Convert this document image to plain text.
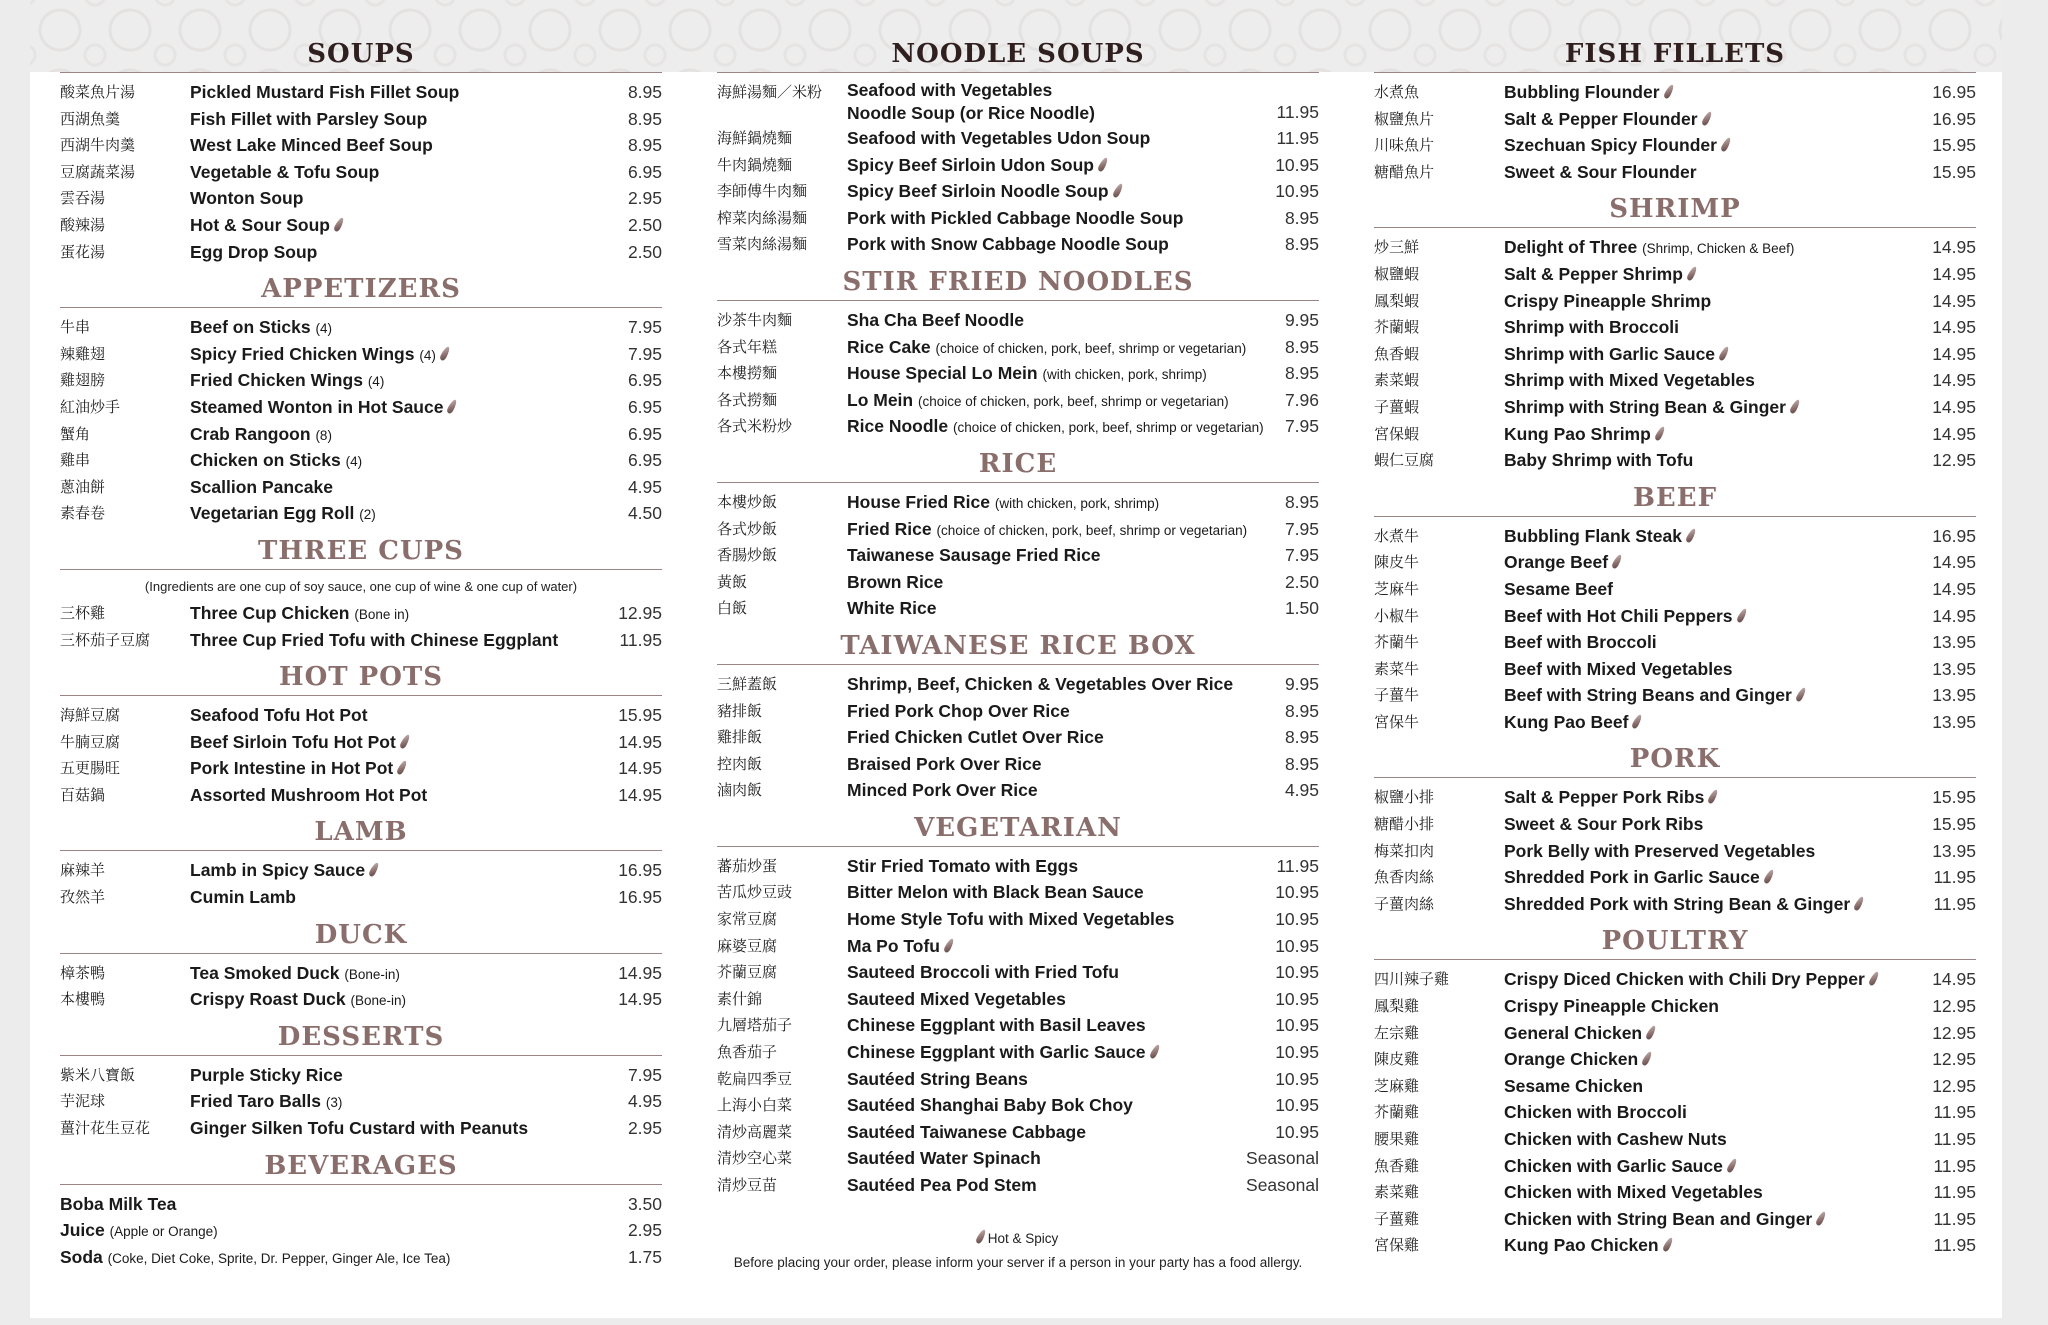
SOUPS
酸菜魚片湯	Pickled Mustard Fish Fillet Soup	8.95
西湖魚羹	Fish Fillet with Parsley Soup	8.95
西湖牛肉羹	West Lake Minced Beef Soup	8.95
豆腐蔬菜湯	Vegetable & Tofu Soup	6.95
雲吞湯	Wonton Soup	2.95
酸辣湯	Hot & Sour Soup	2.50
蛋花湯	Egg Drop Soup	2.50
APPETIZERS
牛串	Beef on Sticks (4)	7.95
辣雞翅	Spicy Fried Chicken Wings (4)	7.95
雞翅膀	Fried Chicken Wings (4)	6.95
紅油炒手	Steamed Wonton in Hot Sauce	6.95
蟹角	Crab Rangoon (8)	6.95
雞串	Chicken on Sticks (4)	6.95
蔥油餅	Scallion Pancake	4.95
素春卷	Vegetarian Egg Roll (2)	4.50
THREE CUPS
(Ingredients are one cup of soy sauce, one cup of wine & one cup of water)
三杯雞	Three Cup Chicken (Bone in)	12.95
三杯茄子豆腐 Three Cup Fried Tofu with Chinese Eggplant	11.95
HOT POTS
海鮮豆腐	Seafood Tofu Hot Pot	15.95
牛腩豆腐	Beef Sirloin Tofu Hot Pot	14.95
五更腸旺	Pork Intestine in Hot Pot	14.95
百菇鍋	Assorted Mushroom Hot Pot	14.95
LAMB
麻辣羊	Lamb in Spicy Sauce	16.95
孜然羊	Cumin Lamb	16.95
DUCK
樟茶鴨	Tea Smoked Duck (Bone-in)	14.95
本樓鴨	Crispy Roast Duck (Bone-in)	14.95
DESSERTS
紫米八寶飯	Purple Sticky Rice	7.95
芋泥球	Fried Taro Balls (3)	4.95
薑汁花生豆花 Ginger Silken Tofu Custard with Peanuts	2.95
BEVERAGES
Boba Milk Tea	3.50
Juice (Apple or Orange)	2.95
Soda (Coke, Diet Coke, Sprite, Dr. Pepper, Ginger Ale, Ice Tea)	1.75
NOODLE SOUPS
海鮮湯麵／米粉 Seafood with Vegetables
Noodle Soup (or Rice Noodle)	11.95
海鮮鍋燒麵	Seafood with Vegetables Udon Soup	11.95
牛肉鍋燒麵	Spicy Beef Sirloin Udon Soup	10.95
李師傅牛肉麵 Spicy Beef Sirloin Noodle Soup	10.95
榨菜肉絲湯麵 Pork with Pickled Cabbage Noodle Soup	8.95
雪菜肉絲湯麵 Pork with Snow Cabbage Noodle Soup	8.95
STIR FRIED NOODLES
沙茶牛肉麵	Sha Cha Beef Noodle	9.95
各式年糕	Rice Cake (choice of chicken, pork, beef, shrimp or vegetarian) 8.95
本樓撈麵	House Special Lo Mein (with chicken, pork, shrimp)	8.95
各式撈麵	Lo Mein (choice of chicken, pork, beef, shrimp or vegetarian)	7.96
各式米粉炒	Rice Noodle (choice of chicken, pork, beef, shrimp or vegetarian) 7.95
RICE
本樓炒飯	House Fried Rice (with chicken, pork, shrimp)	8.95
各式炒飯	Fried Rice (choice of chicken, pork, beef, shrimp or vegetarian) 7.95
香腸炒飯	Taiwanese Sausage Fried Rice	7.95
黃飯	Brown Rice	2.50
白飯	White Rice	1.50
TAIWANESE RICE BOX
三鮮蓋飯	Shrimp, Beef, Chicken & Vegetables Over Rice	9.95
豬排飯	Fried Pork Chop Over Rice	8.95
雞排飯	Fried Chicken Cutlet Over Rice	8.95
控肉飯	Braised Pork Over Rice	8.95
滷肉飯	Minced Pork Over Rice	4.95
VEGETARIAN
蕃茄炒蛋	Stir Fried Tomato with Eggs	11.95
苦瓜炒豆豉	Bitter Melon with Black Bean Sauce	10.95
家常豆腐	Home Style Tofu with Mixed Vegetables	10.95
麻婆豆腐	Ma Po Tofu	10.95
芥蘭豆腐	Sauteed Broccoli with Fried Tofu	10.95
素什錦	Sauteed Mixed Vegetables	10.95
九層塔茄子	Chinese Eggplant with Basil Leaves	10.95
魚香茄子	Chinese Eggplant with Garlic Sauce	10.95
乾扁四季豆	Sautéed String Beans	10.95
上海小白菜	Sautéed Shanghai Baby Bok Choy	10.95
清炒高麗菜	Sautéed Taiwanese Cabbage	10.95
清炒空心菜	Sautéed Water Spinach	Seasonal
清炒豆苗	Sautéed Pea Pod Stem	Seasonal
Hot & Spicy
Before placing your order, please inform your server if a person in your party has a food allergy.
FISH FILLETS
水煮魚	Bubbling Flounder	16.95
椒鹽魚片	Salt & Pepper Flounder	16.95
川味魚片	Szechuan Spicy Flounder	15.95
糖醋魚片	Sweet & Sour Flounder	15.95
SHRIMP
炒三鮮	Delight of Three (Shrimp, Chicken & Beef)	14.95
椒鹽蝦	Salt & Pepper Shrimp	14.95
鳳梨蝦	Crispy Pineapple Shrimp	14.95
芥蘭蝦	Shrimp with Broccoli	14.95
魚香蝦	Shrimp with Garlic Sauce	14.95
素菜蝦	Shrimp with Mixed Vegetables	14.95
子薑蝦	Shrimp with String Bean & Ginger	14.95
宮保蝦	Kung Pao Shrimp	14.95
蝦仁豆腐	Baby Shrimp with Tofu	12.95
BEEF
水煮牛	Bubbling Flank Steak	16.95
陳皮牛	Orange Beef	14.95
芝麻牛	Sesame Beef	14.95
小椒牛	Beef with Hot Chili Peppers	14.95
芥蘭牛	Beef with Broccoli	13.95
素菜牛	Beef with Mixed Vegetables	13.95
子薑牛	Beef with String Beans and Ginger	13.95
宮保牛	Kung Pao Beef	13.95
PORK
椒鹽小排	Salt & Pepper Pork Ribs	15.95
糖醋小排	Sweet & Sour Pork Ribs	15.95
梅菜扣肉	Pork Belly with Preserved Vegetables	13.95
魚香肉絲	Shredded Pork in Garlic Sauce	11.95
子薑肉絲	Shredded Pork with String Bean & Ginger	11.95
POULTRY
四川辣子雞	Crispy Diced Chicken with Chili Dry Pepper	14.95
鳳梨雞	Crispy Pineapple Chicken	12.95
左宗雞	General Chicken	12.95
陳皮雞	Orange Chicken	12.95
芝麻雞	Sesame Chicken	12.95
芥蘭雞	Chicken with Broccoli	11.95
腰果雞	Chicken with Cashew Nuts	11.95
魚香雞	Chicken with Garlic Sauce	11.95
素菜雞	Chicken with Mixed Vegetables	11.95
子薑雞	Chicken with String Bean and Ginger	11.95
宮保雞	Kung Pao Chicken	11.95
